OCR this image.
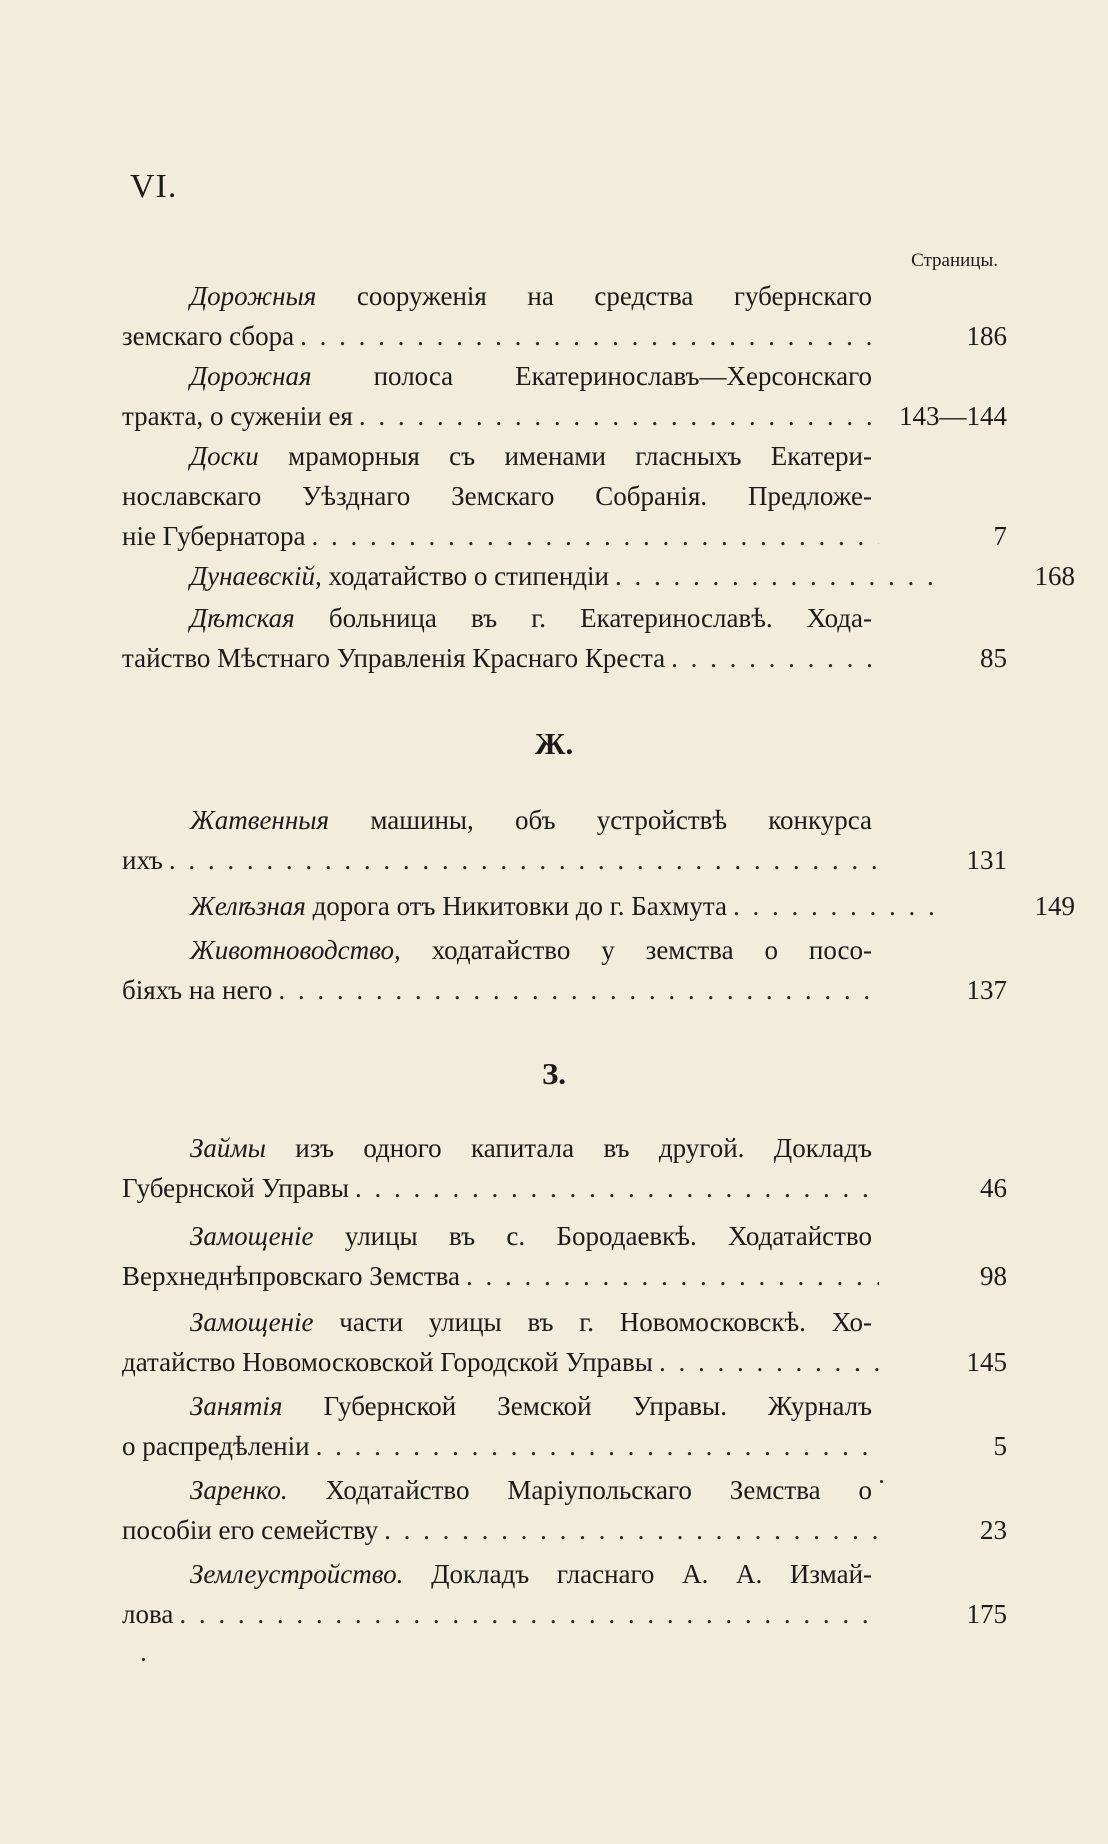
VI.
Страницы.
Дорожныя сооруженія на средства губернскаго
земскаго сбора . . .	186
Дорожная полоса Екатеринославъ—Херсонскаго
тракта, о суженіи ея . . .	143—144
Доски мраморныя съ именами гласныхъ Екатери-
нославскаго Уѣзднаго Земскаго Собранія. Предложе-
ніе Губернатора . . .	7
Дунаевскій, ходатайство о стипендіи . . .	168
Дѣтская больница въ г. Екатеринославѣ. Хода-
тайство Мѣстнаго Управленія Краснаго Креста . . .	85
Ж.
Жатвенныя машины, объ устройствѣ конкурса
ихъ . . .	131
Желѣзная дорога отъ Никитовки до г. Бахмута . . .	149
Животноводство, ходатайство у земства о посо-
біяхъ на него . . .	137
З.
Займы изъ одного капитала въ другой. Докладъ
Губернской Управы . . .	46
Замощеніе улицы въ с. Бородаевкѣ. Ходатайство
Верхнеднѣпровскаго Земства . . .	98
Замощеніе части улицы въ г. Новомосковскѣ. Хо-
датайство Новомосковской Городской Управы . . .	145
Занятія Губернской Земской Управы. Журналъ
о распредѣленіи . . .	5
Заренко. Ходатайство Маріупольскаго Земства о
пособіи его семейству . . .	23
Землеустройство. Докладъ гласнаго А. А. Измай-
лова . . .	175
